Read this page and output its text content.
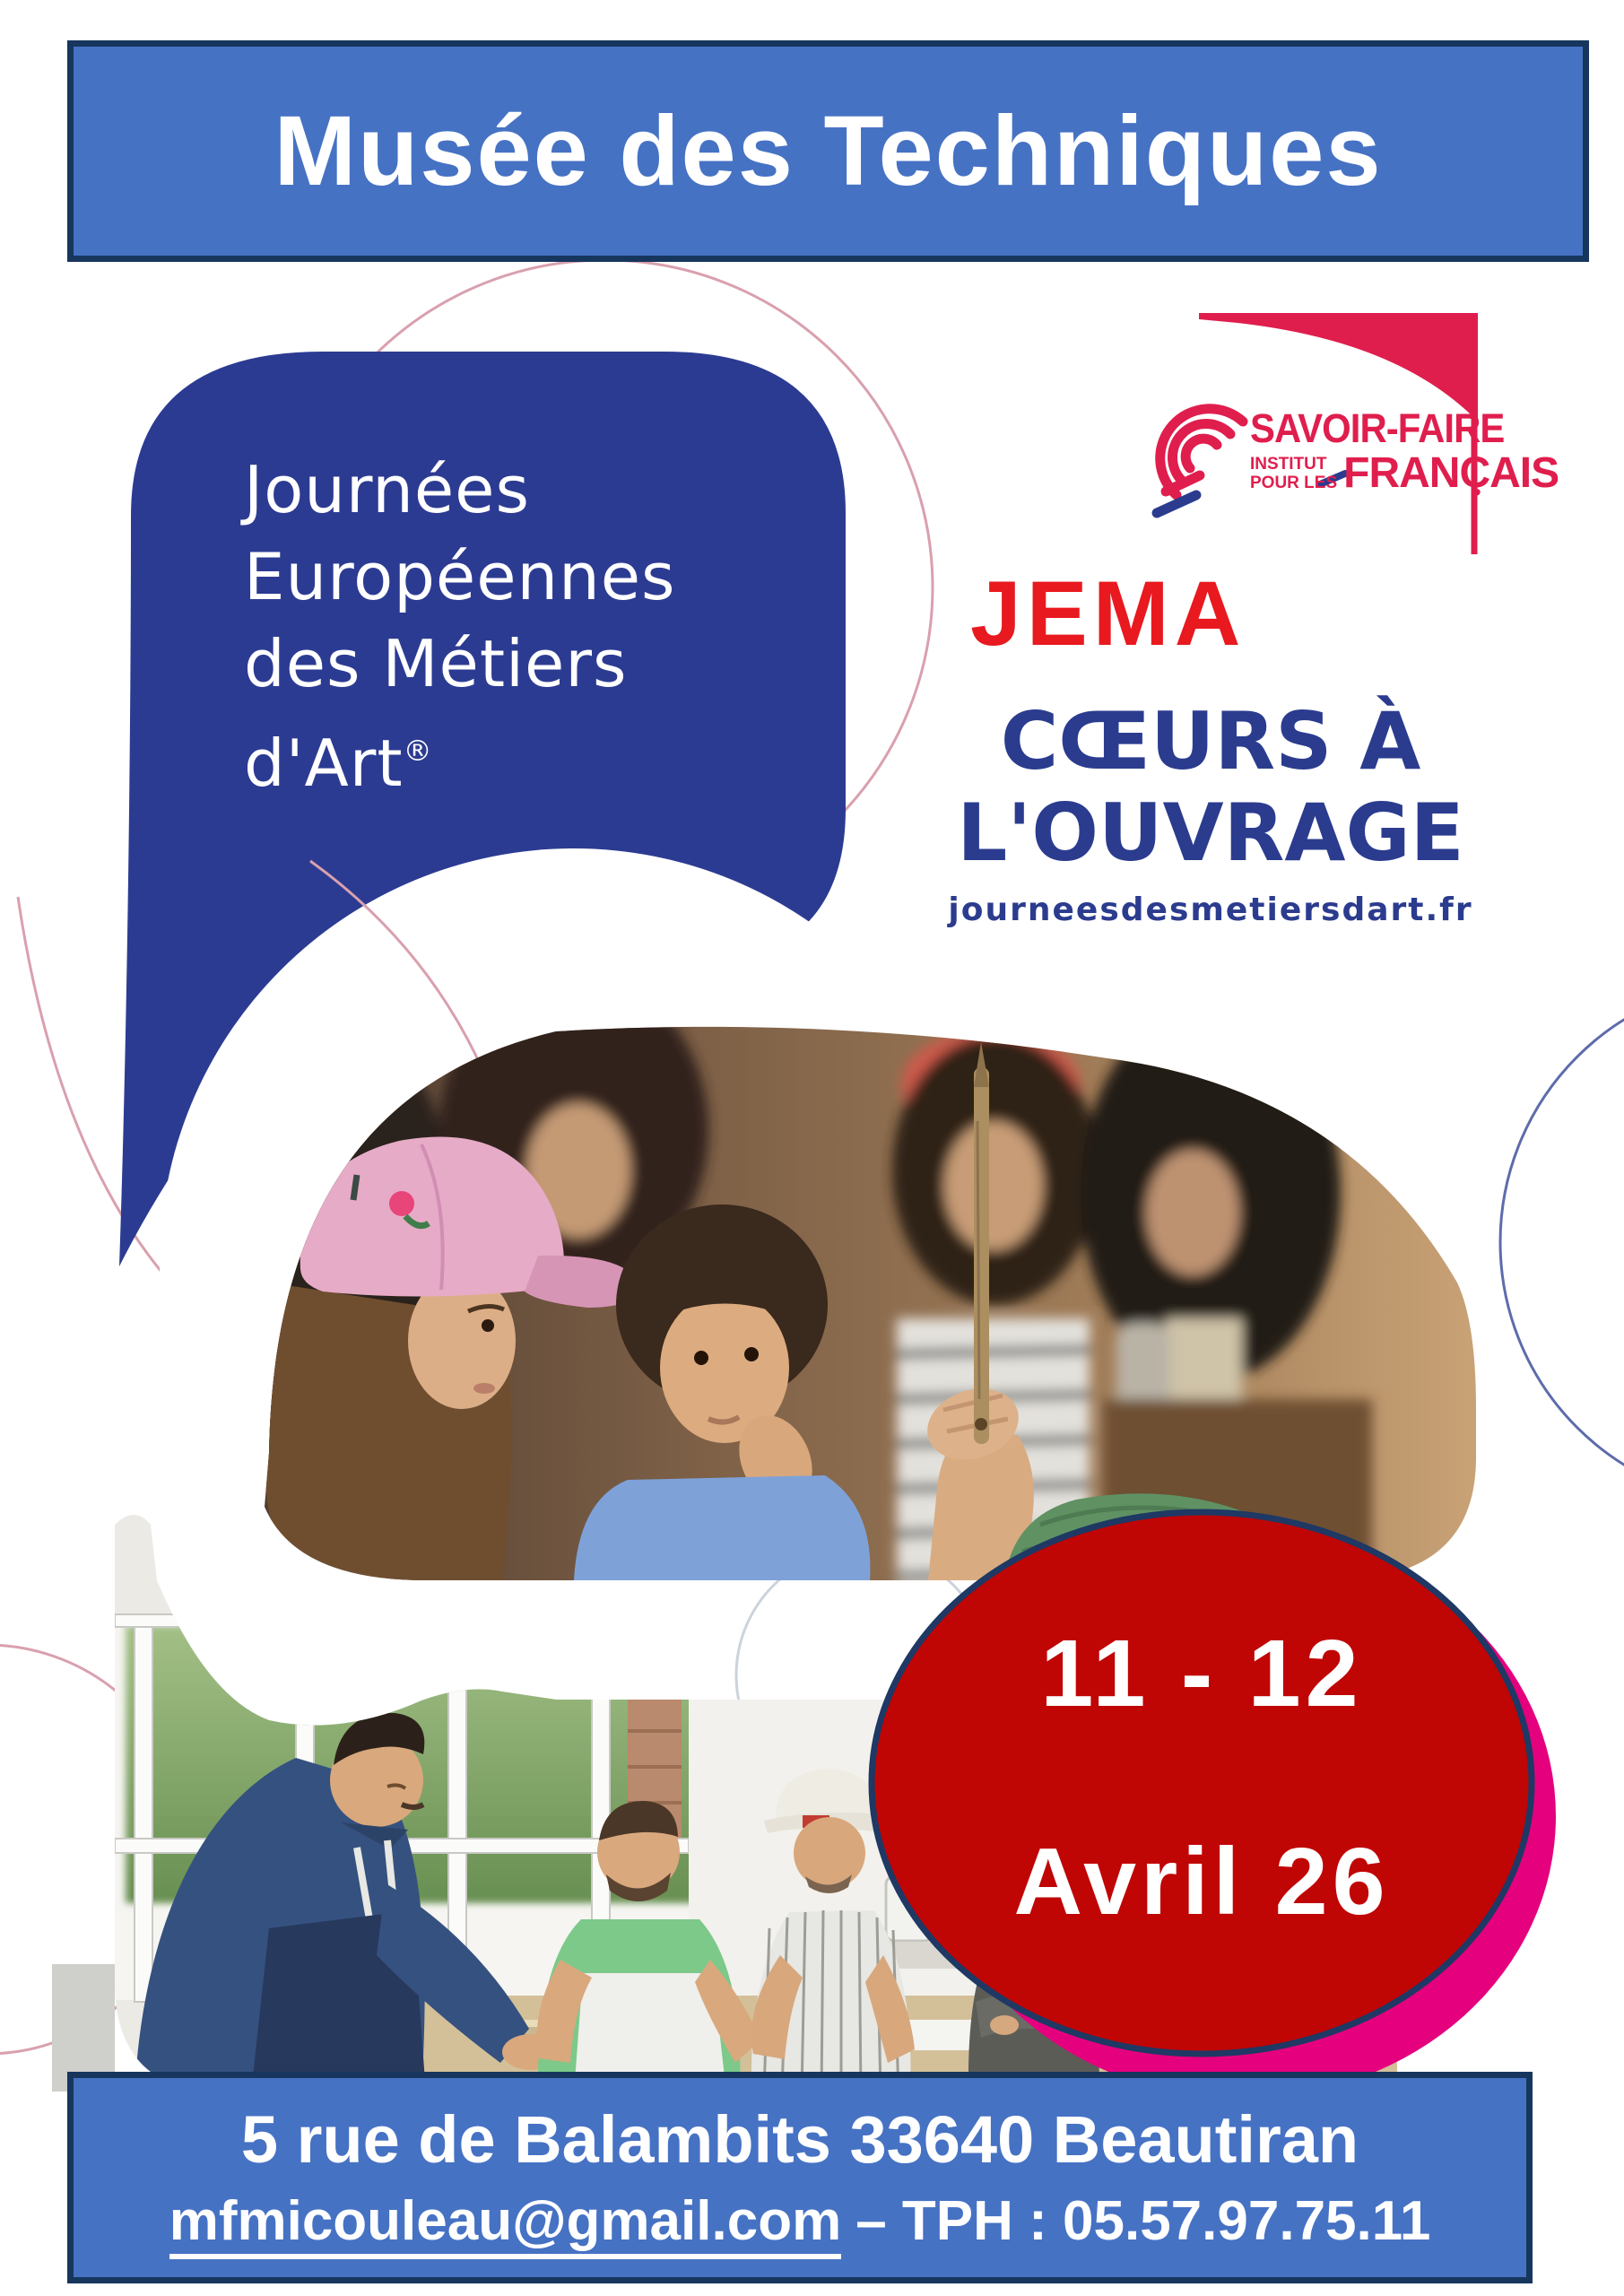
Musée des Techniques
Journées
Européennes
des Métiers
d'Art®
SAVOIR-FAIRE
INSTITUT
POUR LES FRANÇAIS
JEMA
CŒURS À
L'OUVRAGE
journeesdesmetiersdart.fr
11 - 12
Avril 26
5 rue de Balambits 33640 Beautiran
mfmicouleau@gmail.com – TPH : 05.57.97.75.11
